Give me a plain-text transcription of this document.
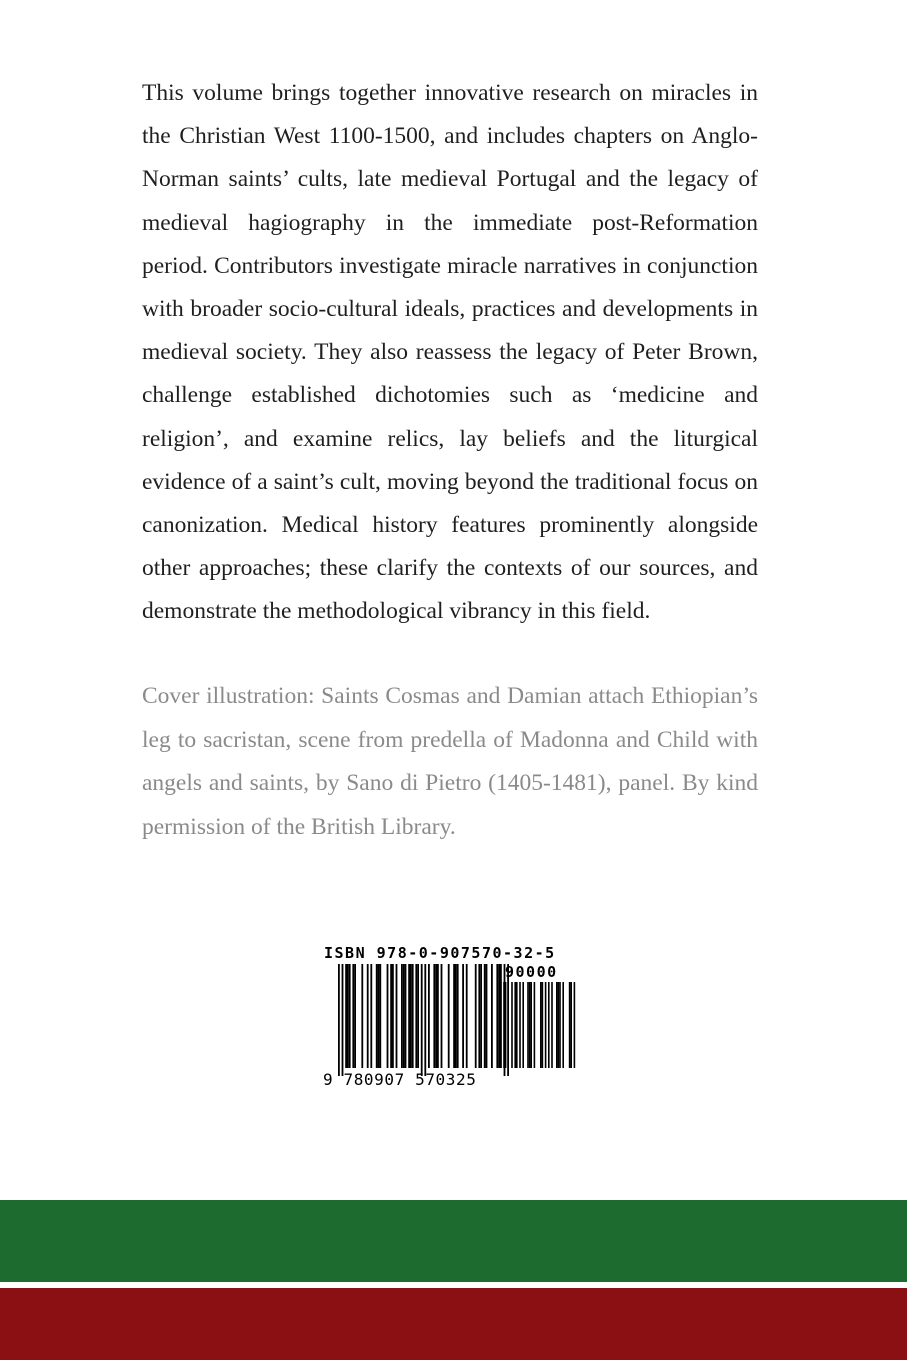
This volume brings together innovative research on miracles in the Christian West 1100-1500, and includes chapters on Anglo-Norman saints’ cults, late medieval Portugal and the legacy of medieval hagiography in the immediate post-Reformation period. Contributors investigate miracle narratives in conjunction with broader socio-cultural ideals, practices and developments in medieval society. They also reassess the legacy of Peter Brown, challenge established dichotomies such as ‘medicine and religion’, and examine relics, lay beliefs and the liturgical evidence of a saint’s cult, moving beyond the traditional focus on canonization. Medical history features prominently alongside other approaches; these clarify the contexts of our sources, and demonstrate the methodological vibrancy in this field.

Cover illustration: Saints Cosmas and Damian attach Ethiopian’s leg to sacristan, scene from predella of Madonna and Child with angels and saints, by Sano di Pietro (1405-1481), panel. By kind permission of the British Library.

ISBN 978-0-907570-32-5
90000
9 780907 570325
